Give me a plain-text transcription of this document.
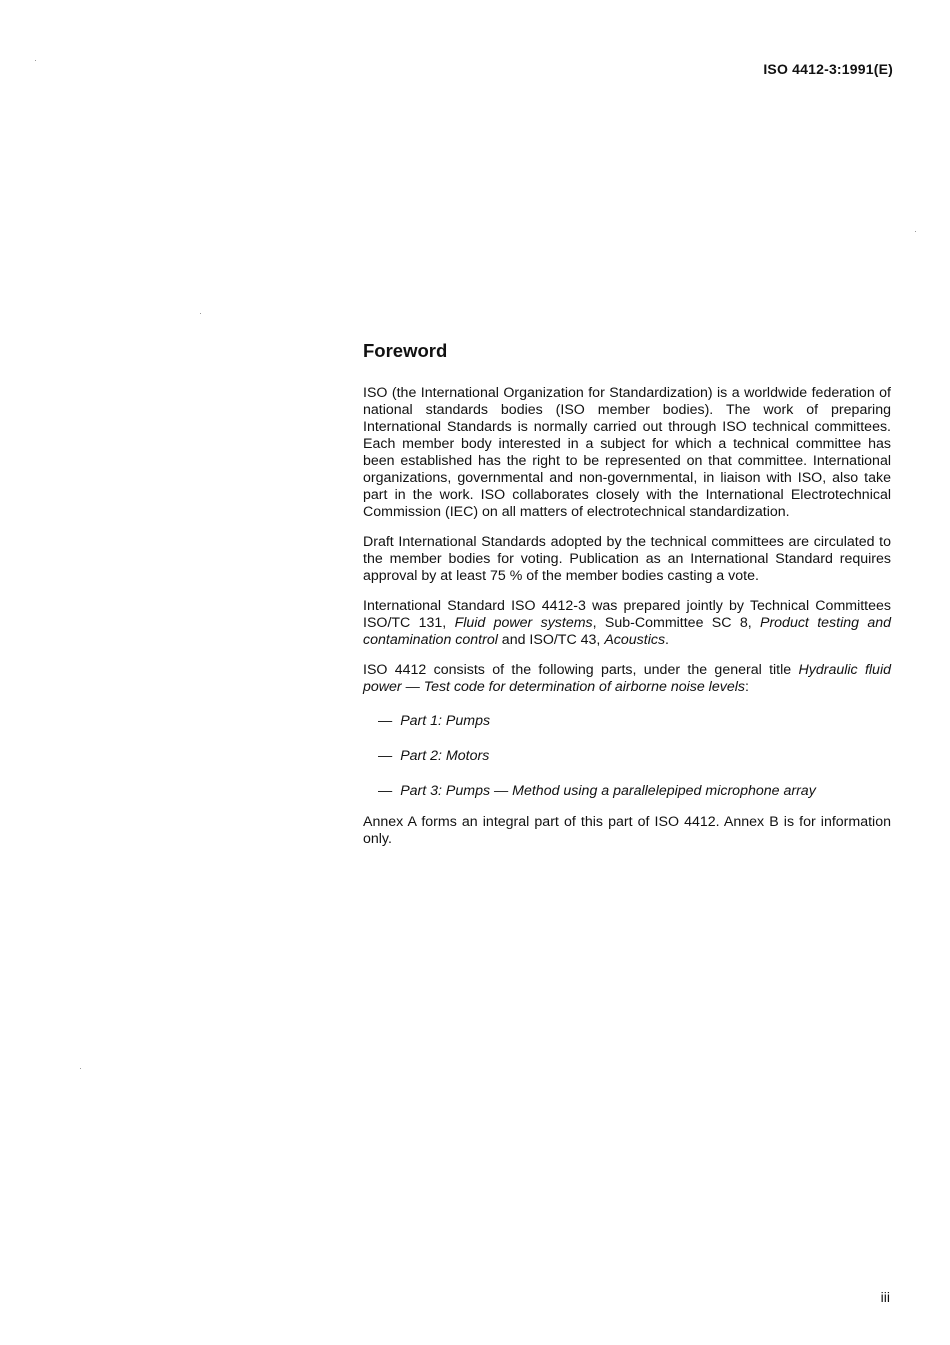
ISO 4412-3:1991(E)
Foreword

ISO (the International Organization for Standardization) is a worldwide federation of national standards bodies (ISO member bodies). The work of preparing International Standards is normally carried out through ISO technical committees. Each member body interested in a subject for which a technical committee has been established has the right to be represented on that committee. International organizations, governmental and non-governmental, in liaison with ISO, also take part in the work. ISO collaborates closely with the International Electrotechnical Commission (IEC) on all matters of electrotechnical standardization.

Draft International Standards adopted by the technical committees are circulated to the member bodies for voting. Publication as an International Standard requires approval by at least 75 % of the member bodies casting a vote.

International Standard ISO 4412-3 was prepared jointly by Technical Committees ISO/TC 131, Fluid power systems, Sub-Committee SC 8, Product testing and contamination control and ISO/TC 43, Acoustics.

ISO 4412 consists of the following parts, under the general title Hydraulic fluid power — Test code for determination of airborne noise levels:

— Part 1: Pumps
— Part 2: Motors
— Part 3: Pumps — Method using a parallelepiped microphone array

Annex A forms an integral part of this part of ISO 4412. Annex B is for information only.

iii
